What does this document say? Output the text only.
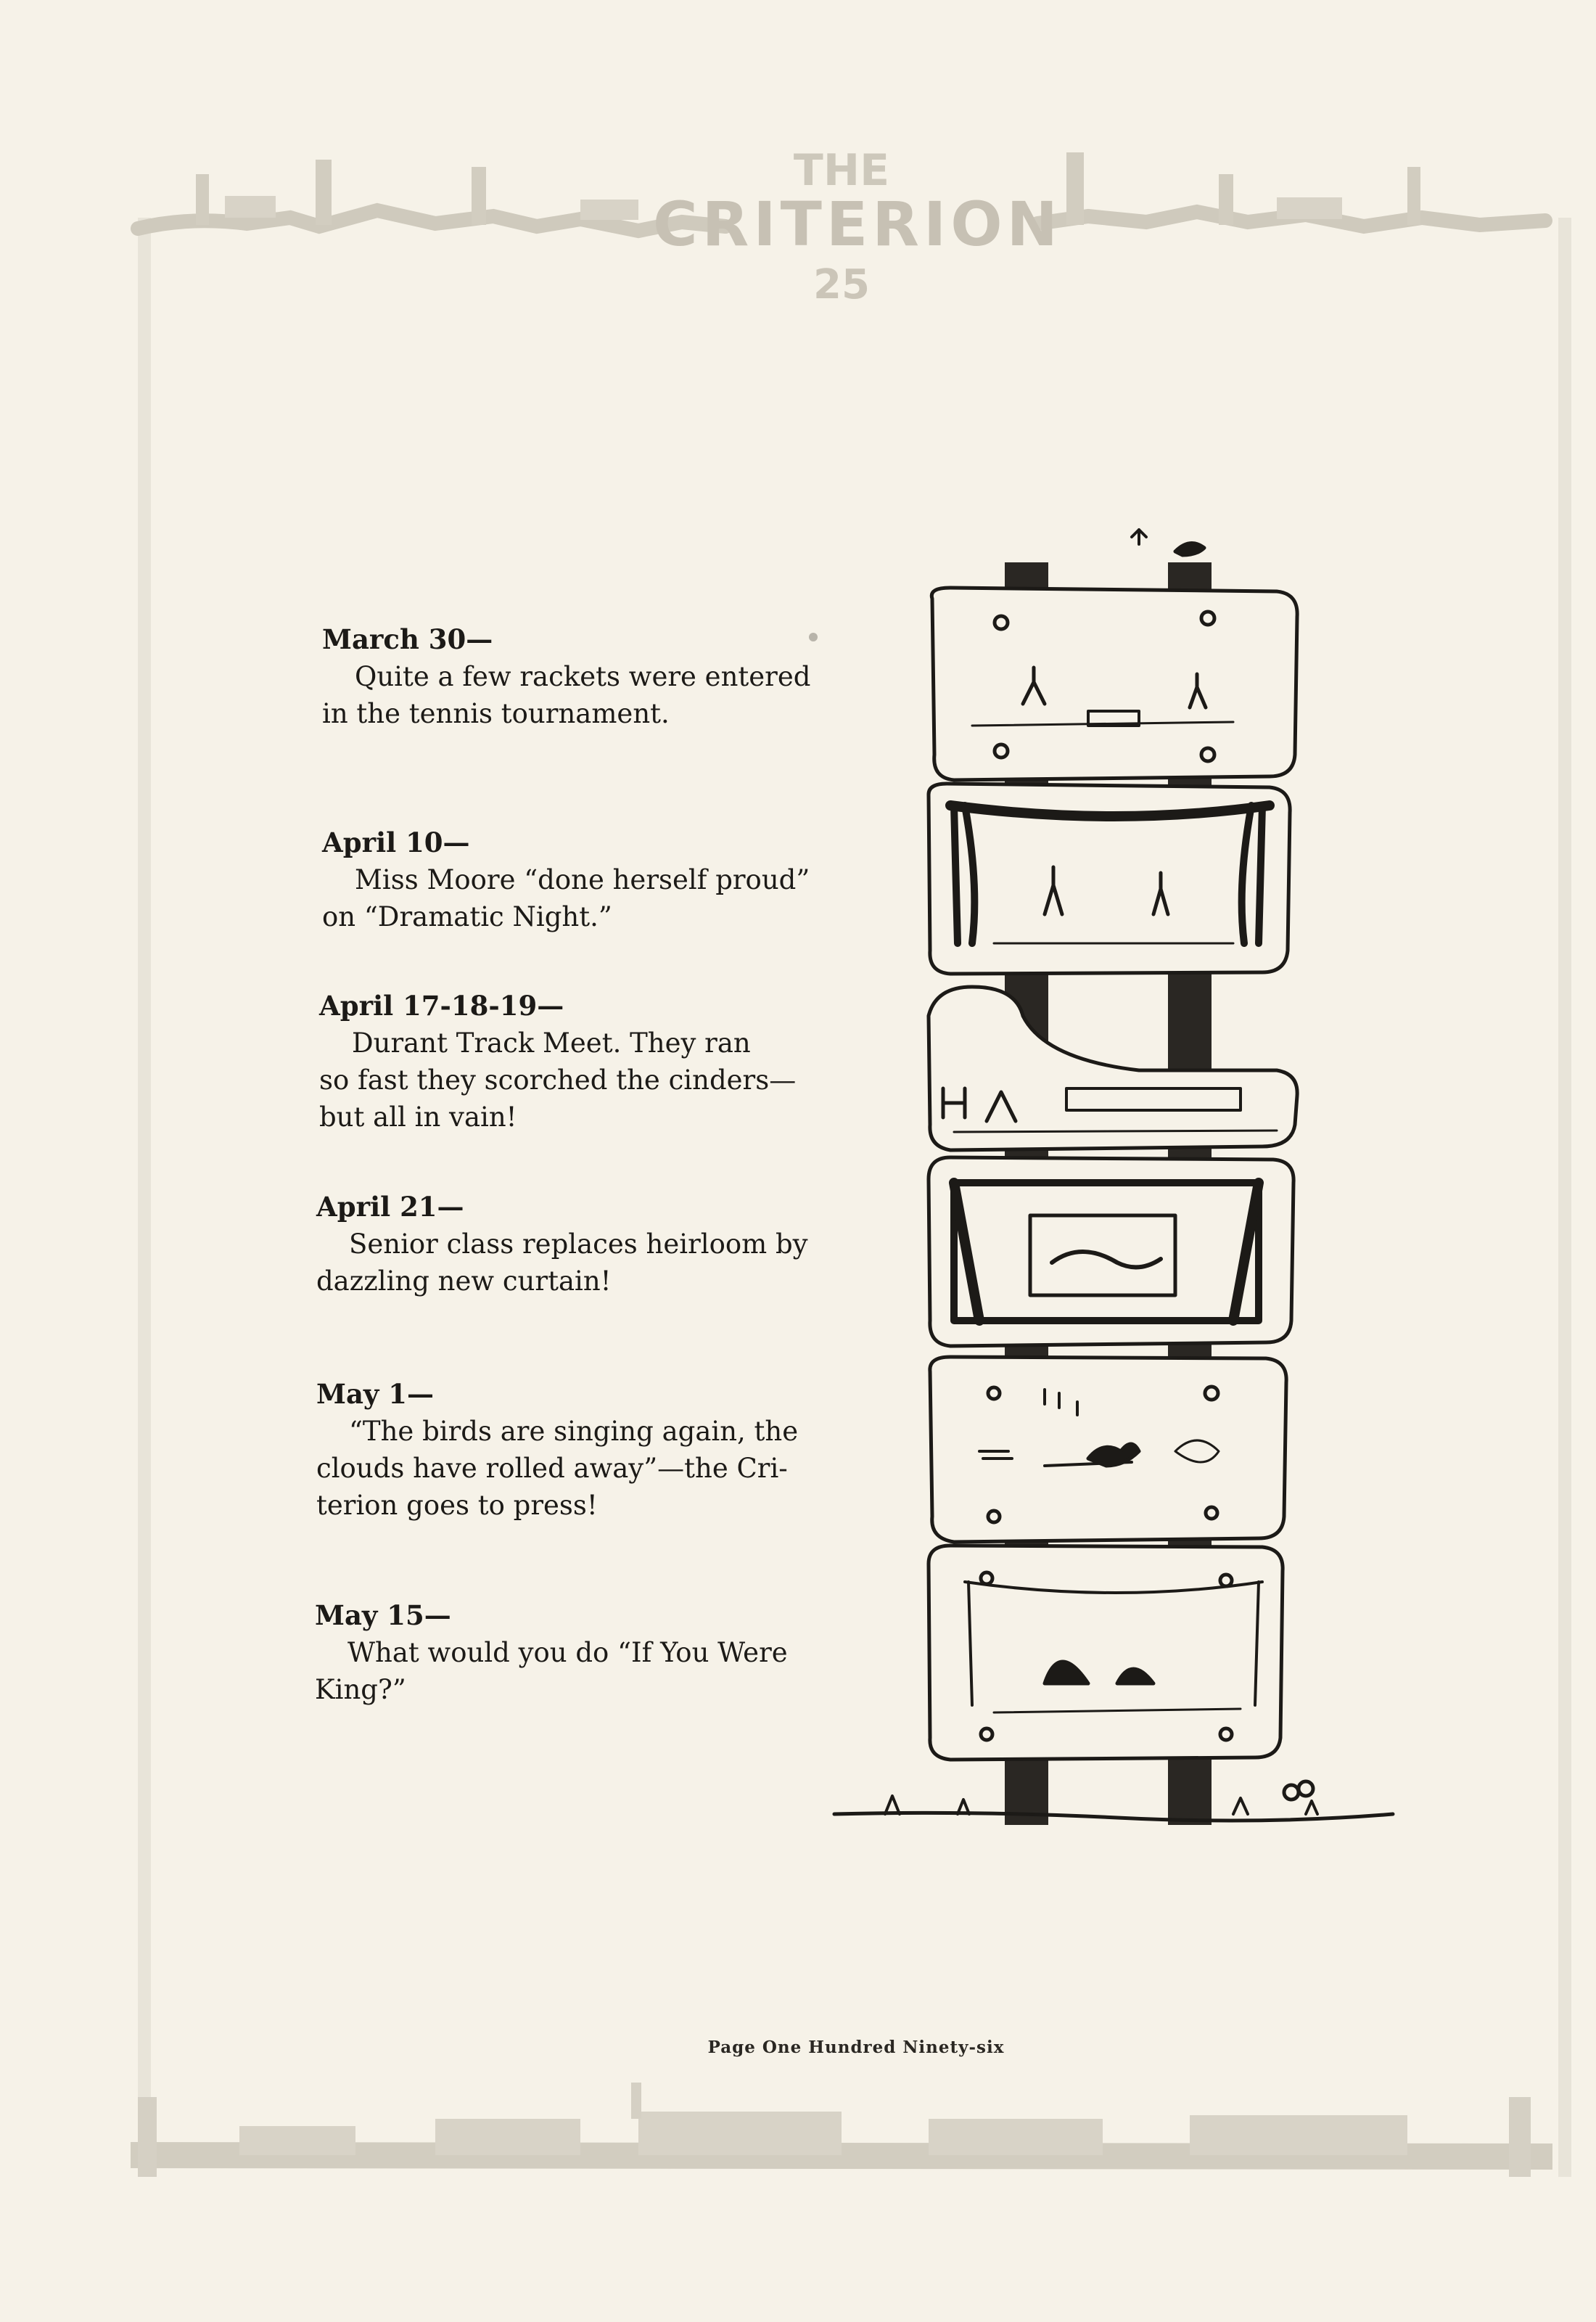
THE
CRITERION
25
March 30—
Quite a few rackets were entered
in the tennis tournament.
April 10—
Miss Moore “done herself proud”
on “Dramatic Night.”
April 17-18-19—
Durant Track Meet. They ran
so fast they scorched the cinders—
but all in vain!
April 21—
Senior class replaces heirloom by
dazzling new curtain!
May 1—
“The birds are singing again, the
clouds have rolled away”—the Cri-
terion goes to press!
May 15—
What would you do “If You Were
King?”
Page One Hundred Ninety-six
